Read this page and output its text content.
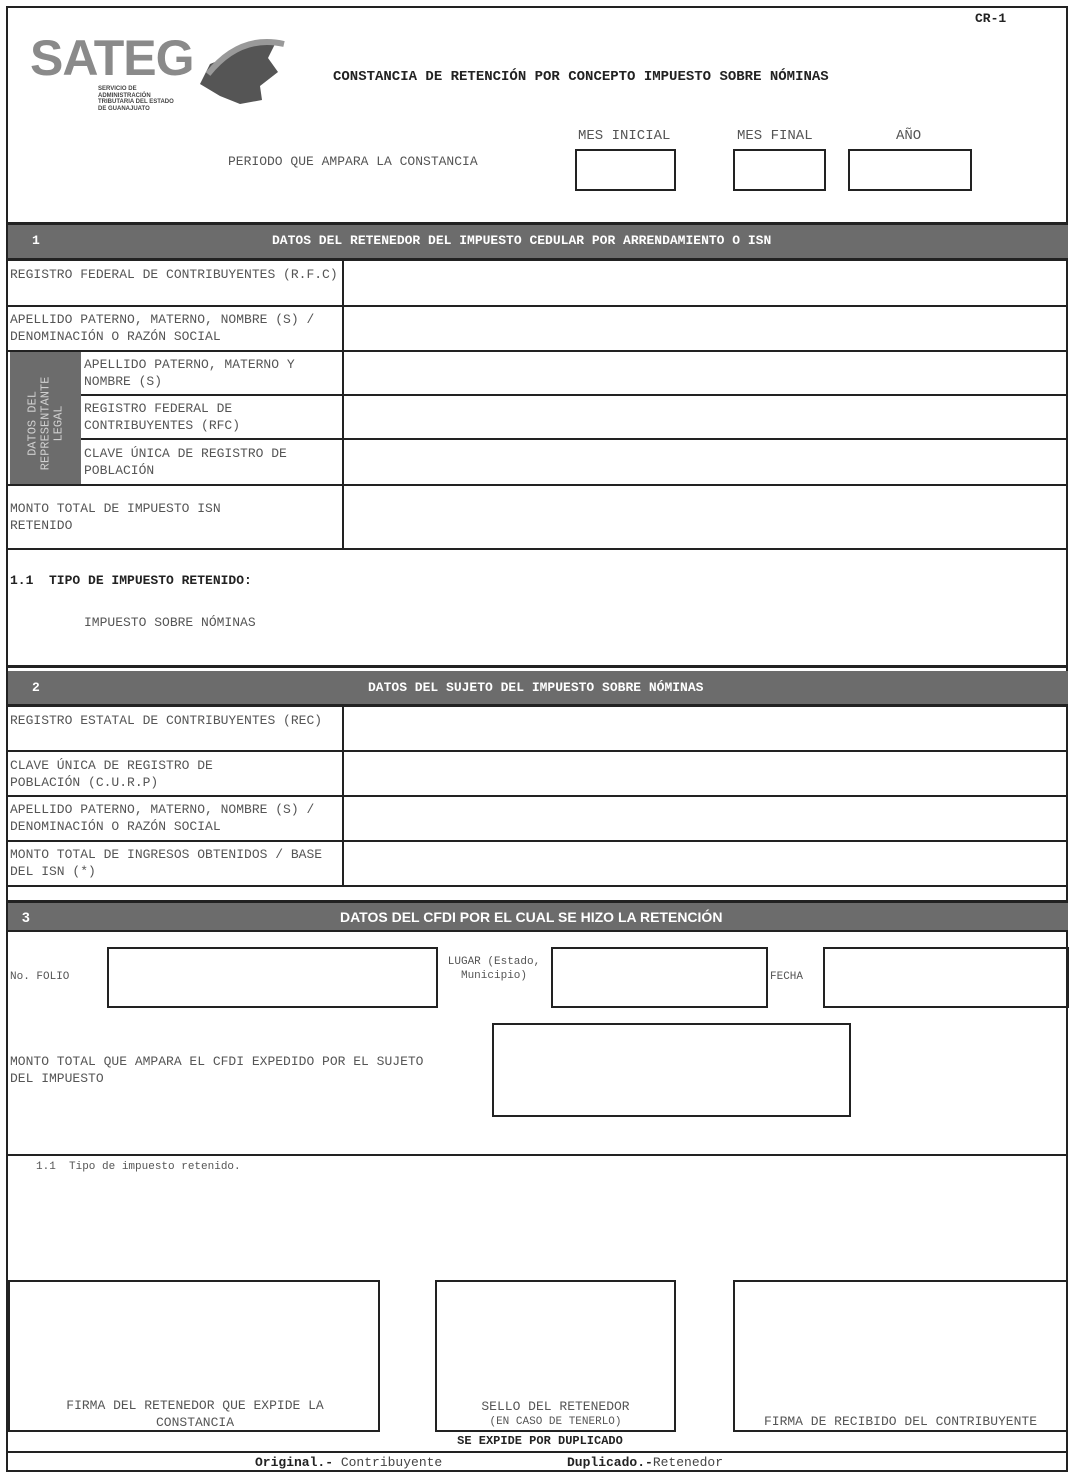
CR-1
SATEG
SERVICIO DE
ADMINISTRACIÓN
TRIBUTARIA DEL ESTADO
DE GUANAJUATO
CONSTANCIA DE RETENCIÓN POR CONCEPTO IMPUESTO SOBRE NÓMINAS
MES INICIAL	MES FINAL	AÑO
PERIODO QUE AMPARA LA CONSTANCIA
1	DATOS DEL RETENEDOR DEL IMPUESTO CEDULAR POR ARRENDAMIENTO O ISN
REGISTRO FEDERAL DE CONTRIBUYENTES (R.F.C)
APELLIDO PATERNO, MATERNO, NOMBRE (S) / DENOMINACIÓN O RAZÓN SOCIAL
DATOS DEL REPRESENTANTE LEGAL
APELLIDO PATERNO, MATERNO Y NOMBRE (S)
REGISTRO FEDERAL DE CONTRIBUYENTES (RFC)
CLAVE ÚNICA DE REGISTRO DE POBLACIÓN
MONTO TOTAL DE IMPUESTO ISN RETENIDO
1.1  TIPO DE IMPUESTO RETENIDO:
IMPUESTO SOBRE NÓMINAS
2	DATOS DEL SUJETO DEL IMPUESTO SOBRE NÓMINAS
REGISTRO ESTATAL DE CONTRIBUYENTES (REC)
CLAVE ÚNICA DE REGISTRO DE POBLACIÓN (C.U.R.P)
APELLIDO PATERNO, MATERNO, NOMBRE (S) / DENOMINACIÓN O RAZÓN SOCIAL
MONTO TOTAL DE INGRESOS OBTENIDOS / BASE DEL ISN (*)
3	DATOS DEL CFDI POR EL CUAL SE HIZO LA RETENCIÓN
No. FOLIO
LUGAR (Estado, Municipio)	FECHA
MONTO TOTAL QUE AMPARA EL CFDI EXPEDIDO POR EL SUJETO DEL IMPUESTO
1.1  Tipo de impuesto retenido.
FIRMA DEL RETENEDOR QUE EXPIDE LA CONSTANCIA
SELLO DEL RETENEDOR
(EN CASO DE TENERLO)	FIRMA DE RECIBIDO DEL CONTRIBUYENTE
SE EXPIDE POR DUPLICADO
Original.- Contribuyente	Duplicado.-Retenedor
